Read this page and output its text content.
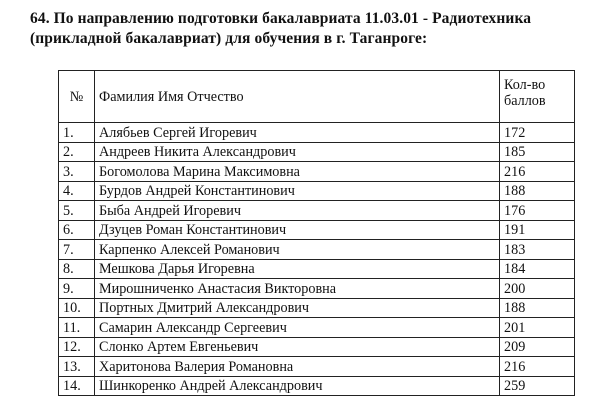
64. По направлению подготовки бакалавриата 11.03.01 - Радиотехника
(прикладной бакалавриат) для обучения в г. Таганроге:
№	Фамилия Имя Отчество	Кол-во баллов
1.	Алябьев Сергей Игоревич	172
2.	Андреев Никита Александрович	185
3.	Богомолова Марина Максимовна	216
4.	Бурдов Андрей Константинович	188
5.	Быба Андрей Игоревич	176
6.	Дзуцев Роман Константинович	191
7.	Карпенко Алексей Романович	183
8.	Мешкова Дарья Игоревна	184
9.	Мирошниченко Анастасия Викторовна	200
10.	Портных Дмитрий Александрович	188
11.	Самарин Александр Сергеевич	201
12.	Слонко Артем Евгеньевич	209
13.	Харитонова Валерия Романовна	216
14.	Шинкоренко Андрей Александрович	259
